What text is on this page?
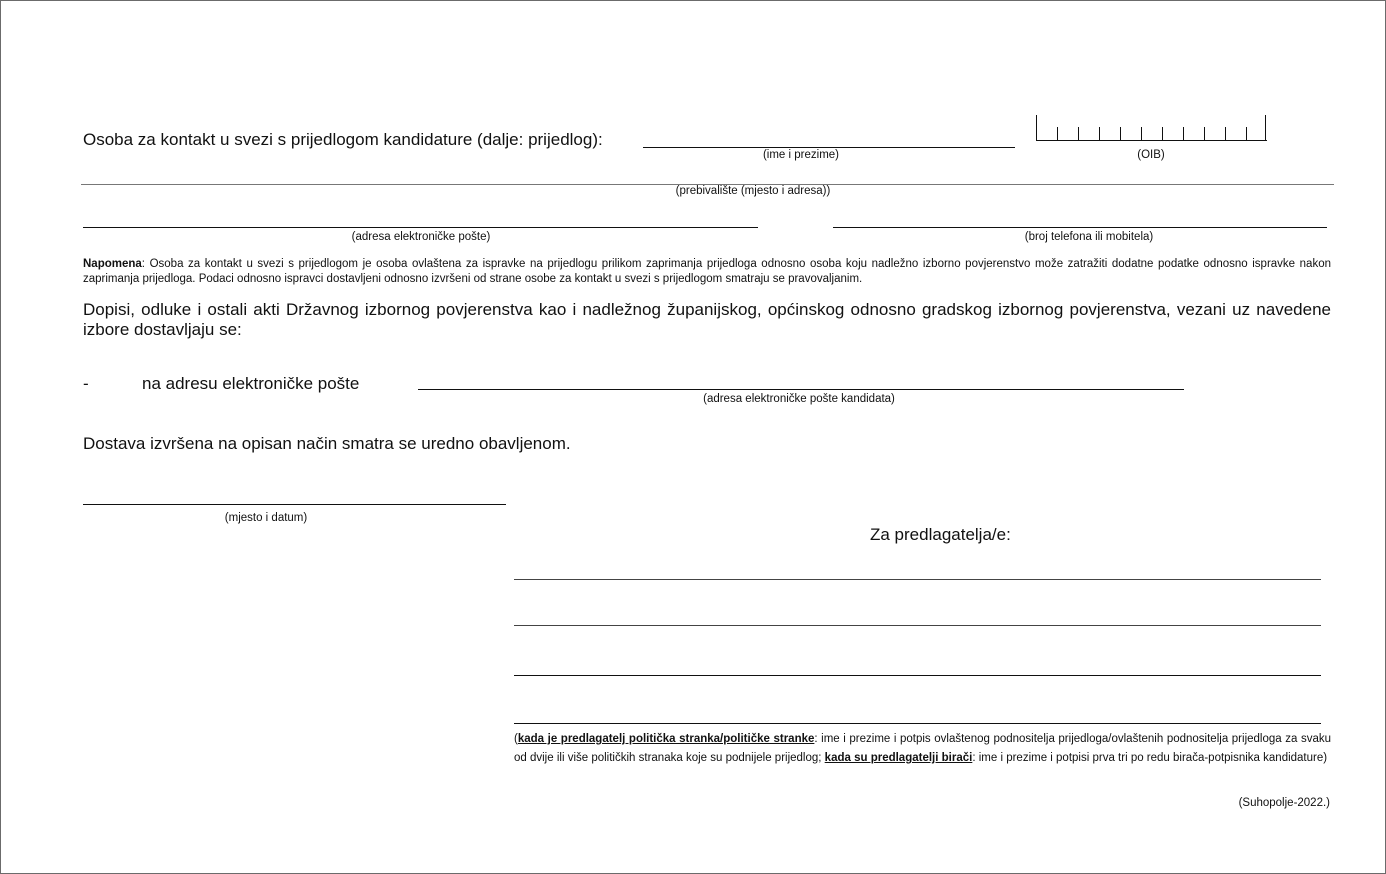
Osoba za kontakt u svezi s prijedlogom kandidature (dalje: prijedlog):
(ime i prezime)	(OIB)
(prebivalište (mjesto i adresa))
(adresa elektroničke pošte)	(broj telefona ili mobitela)
Napomena: Osoba za kontakt u svezi s prijedlogom je osoba ovlaštena za ispravke na prijedlogu prilikom zaprimanja prijedloga odnosno osoba koju nadležno izborno povjerenstvo može zatražiti dodatne podatke odnosno ispravke nakon zaprimanja prijedloga. Podaci odnosno ispravci dostavljeni odnosno izvršeni od strane osobe za kontakt u svezi s prijedlogom smatraju se pravovaljanim.
Dopisi, odluke i ostali akti Državnog izbornog povjerenstva kao i nadležnog županijskog, općinskog odnosno gradskog izbornog povjerenstva, vezani uz navedene izbore dostavljaju se:
-	na adresu elektroničke pošte
(adresa elektroničke pošte kandidata)
Dostava izvršena na opisan način smatra se uredno obavljenom.
(mjesto i datum)
Za predlagatelja/e:
(kada je predlagatelj politička stranka/političke stranke: ime i prezime i potpis ovlaštenog podnositelja prijedloga/ovlaštenih podnositelja prijedloga za svaku od dvije ili više političkih stranaka koje su podnijele prijedlog; kada su predlagatelji birači: ime i prezime i potpisi prva tri po redu birača-potpisnika kandidature)
(Suhopolje-2022.)
